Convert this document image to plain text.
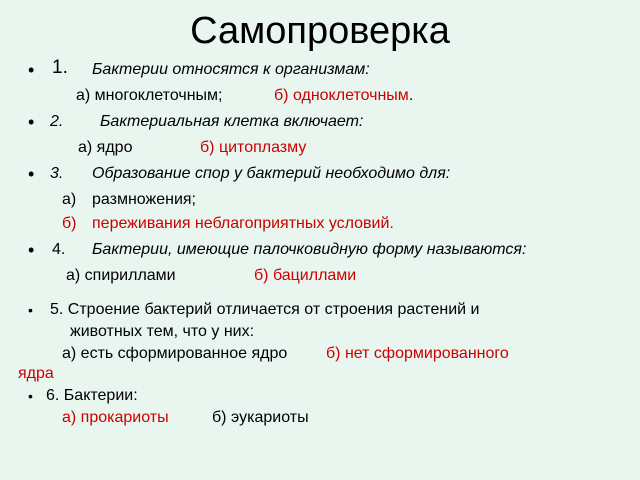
Самопроверка
• 1. Бактерии относятся к организмам:
а) многоклеточным;	б) одноклеточным.
• 2. Бактериальная клетка включает:
а) ядро	б) цитоплазму
• 3. Образование спор у бактерий необходимо для:
а) размножения;
б) переживания неблагоприятных условий.
• 4. Бактерии, имеющие палочковидную форму называются:
а) спириллами	б) бациллами
• 5. Строение бактерий отличается от строения растений и
животных тем, что у них:
а) есть сформированное ядро б) нет сформированного
ядра
• 6. Бактерии:
а) прокариоты	б) эукариоты
